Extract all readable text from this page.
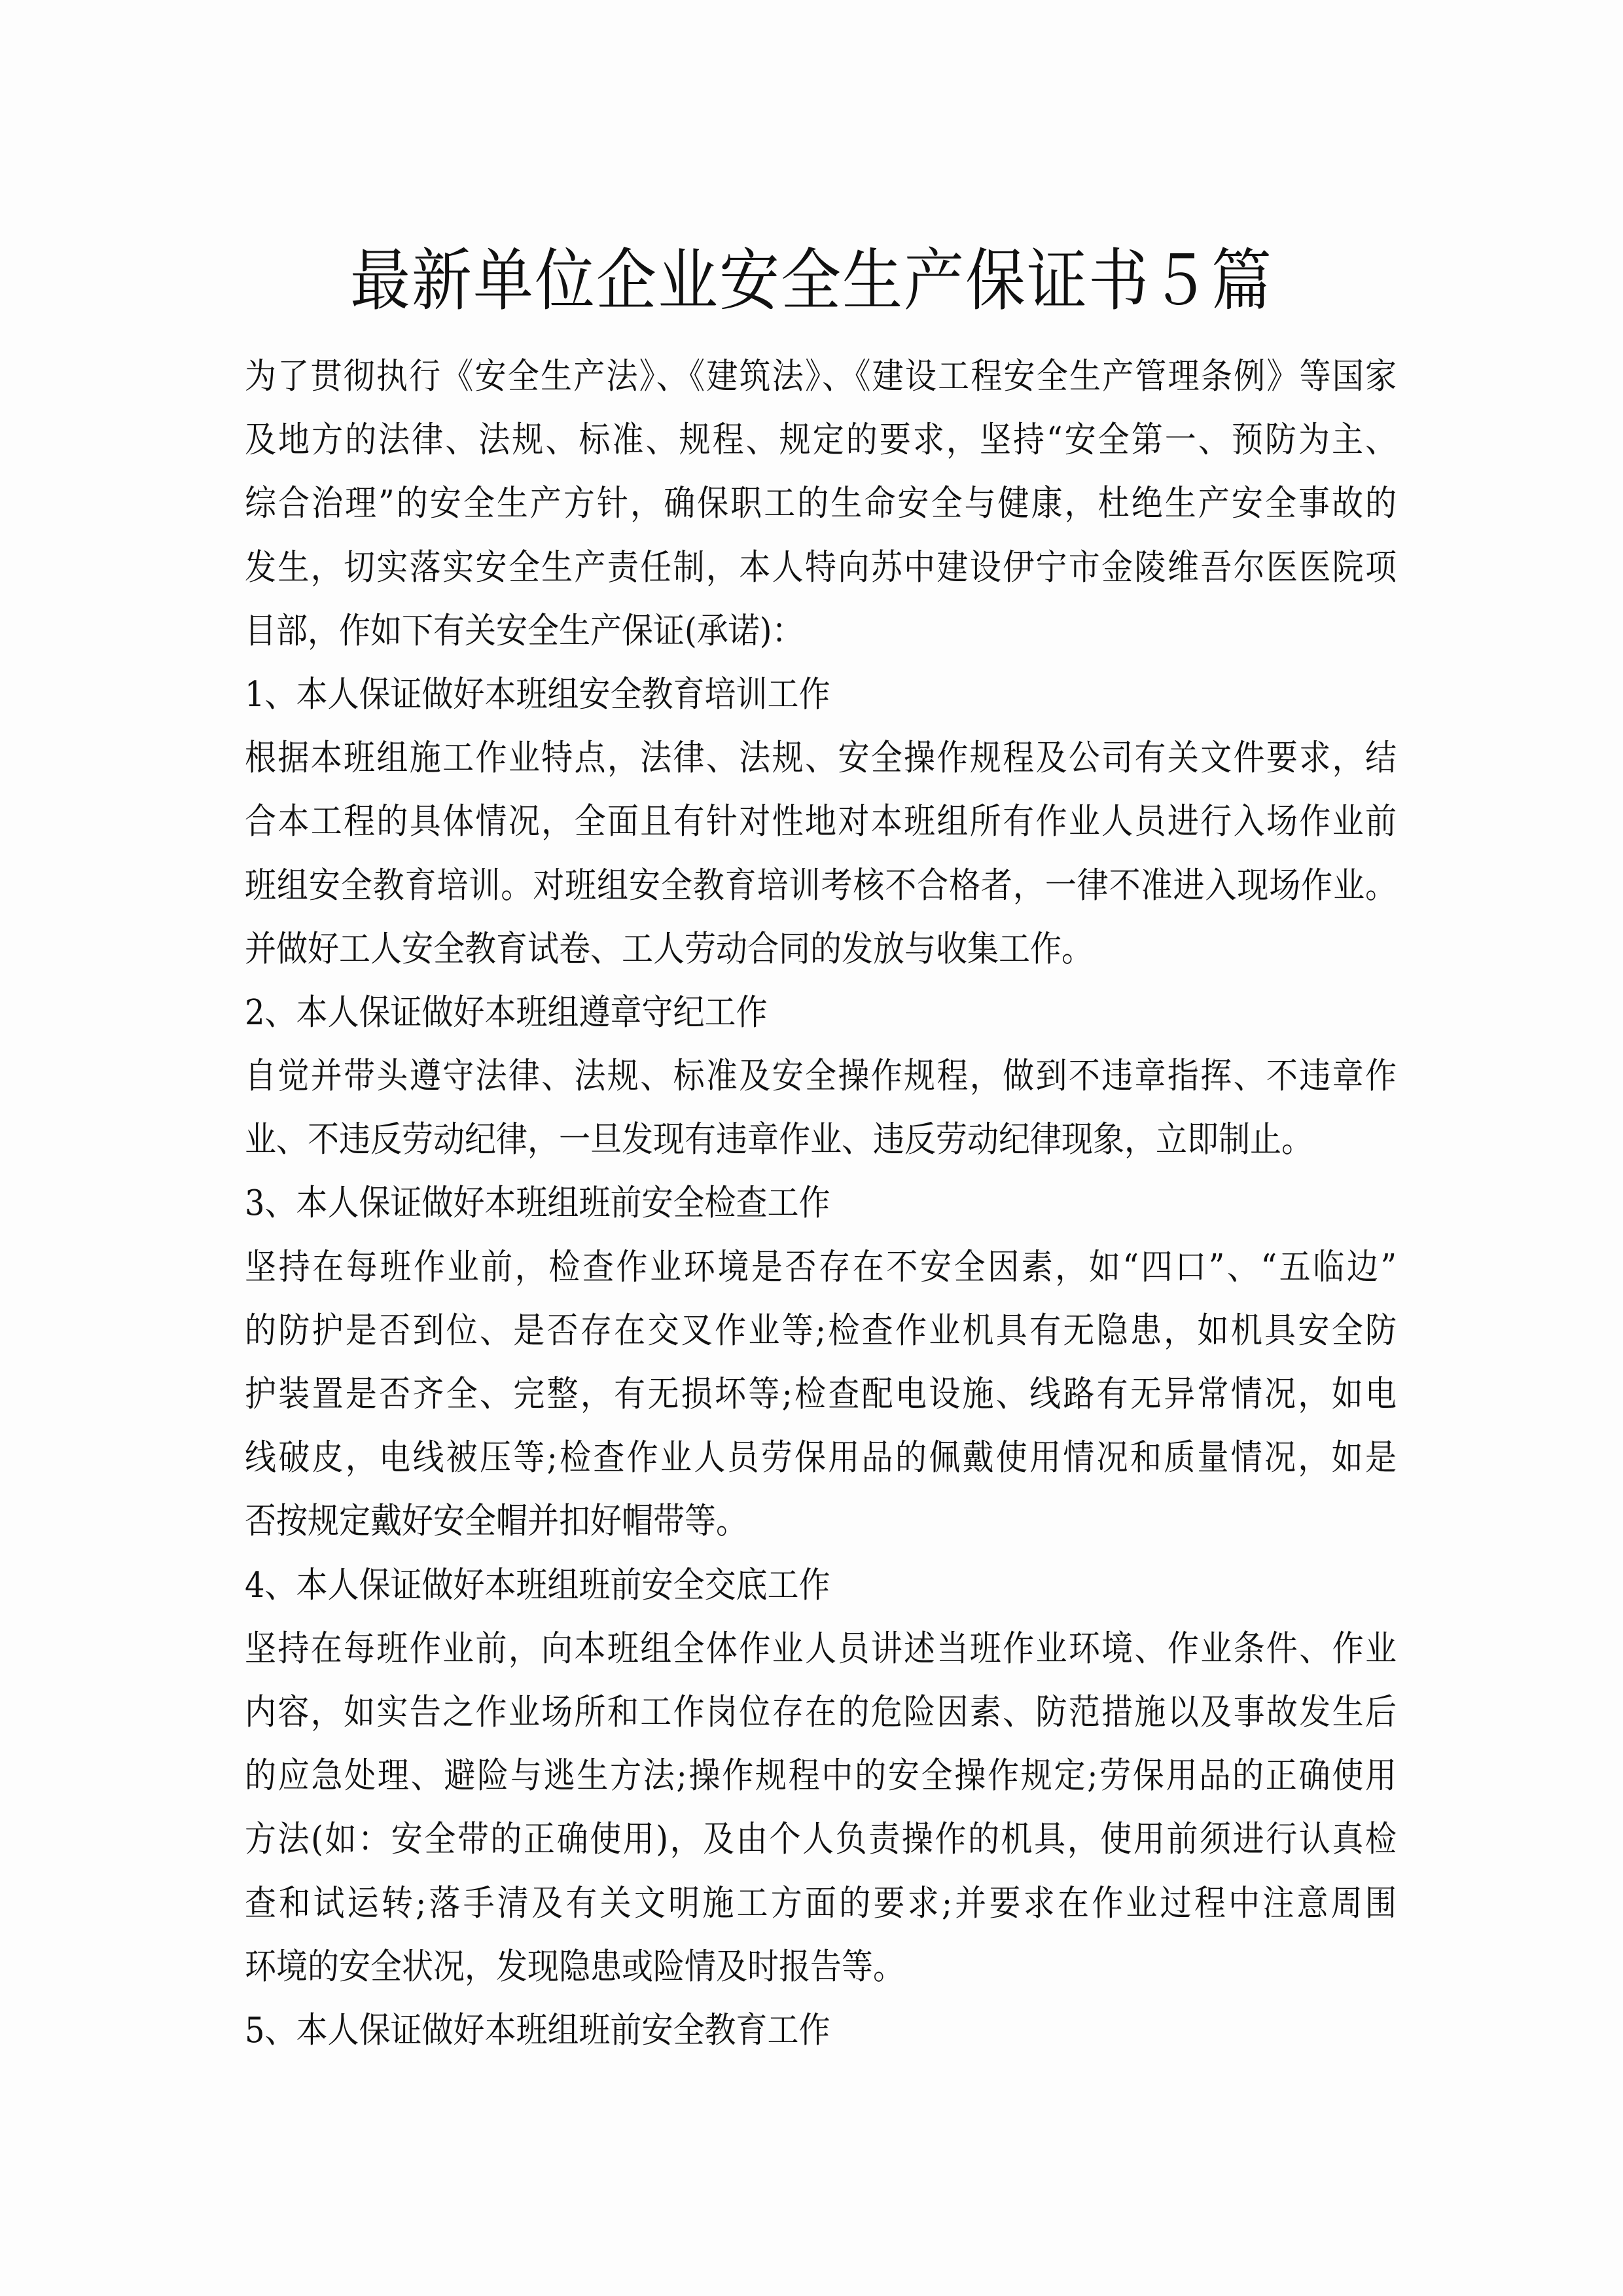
最新单位企业安全生产保证书５篇
为了贯彻执行《安全生产法》、《建筑法》、《建设工程安全生产管理条例》等国家
及地方的法律、法规、标准、规程、规定的要求，坚持“安全第一、预防为主、
综合治理”的安全生产方针，确保职工的生命安全与健康，杜绝生产安全事故的
发生，切实落实安全生产责任制，本人特向苏中建设伊宁市金陵维吾尔医医院项
目部，作如下有关安全生产保证(承诺)：
1、本人保证做好本班组安全教育培训工作
根据本班组施工作业特点，法律、法规、安全操作规程及公司有关文件要求，结
合本工程的具体情况，全面且有针对性地对本班组所有作业人员进行入场作业前
班组安全教育培训。对班组安全教育培训考核不合格者，一律不准进入现场作业。
并做好工人安全教育试卷、工人劳动合同的发放与收集工作。
2、本人保证做好本班组遵章守纪工作
自觉并带头遵守法律、法规、标准及安全操作规程，做到不违章指挥、不违章作
业、不违反劳动纪律，一旦发现有违章作业、违反劳动纪律现象，立即制止。
3、本人保证做好本班组班前安全检查工作
坚持在每班作业前，检查作业环境是否存在不安全因素，如“四口”、“五临边”
的防护是否到位、是否存在交叉作业等;检查作业机具有无隐患，如机具安全防
护装置是否齐全、完整，有无损坏等;检查配电设施、线路有无异常情况，如电
线破皮，电线被压等;检查作业人员劳保用品的佩戴使用情况和质量情况，如是
否按规定戴好安全帽并扣好帽带等。
4、本人保证做好本班组班前安全交底工作
坚持在每班作业前，向本班组全体作业人员讲述当班作业环境、作业条件、作业
内容，如实告之作业场所和工作岗位存在的危险因素、防范措施以及事故发生后
的应急处理、避险与逃生方法;操作规程中的安全操作规定;劳保用品的正确使用
方法(如：安全带的正确使用)，及由个人负责操作的机具，使用前须进行认真检
查和试运转;落手清及有关文明施工方面的要求;并要求在作业过程中注意周围
环境的安全状况，发现隐患或险情及时报告等。
5、本人保证做好本班组班前安全教育工作
